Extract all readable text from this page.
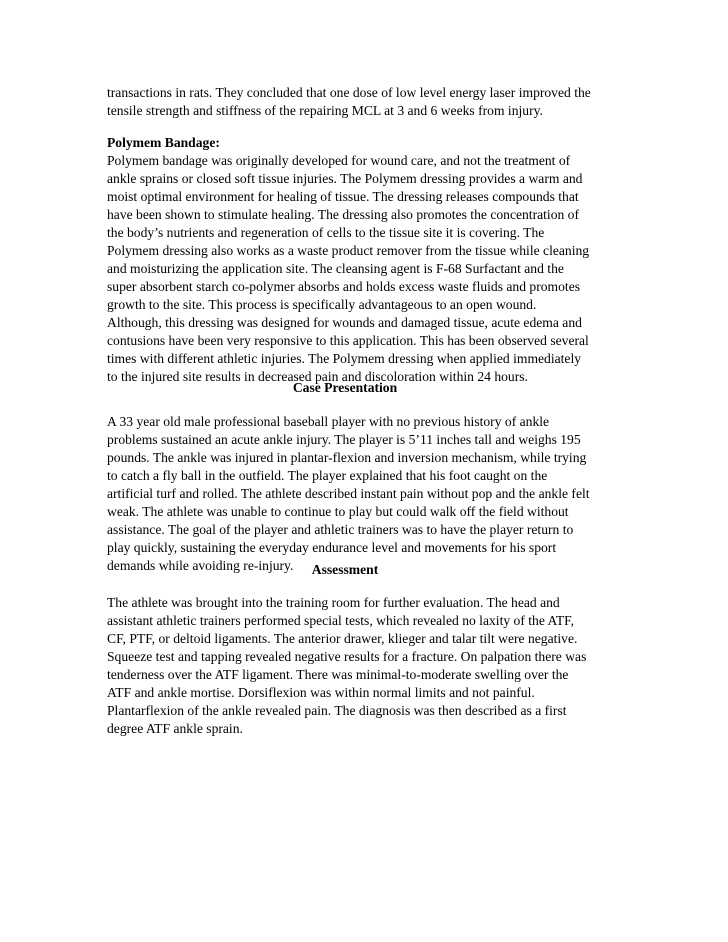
transactions in rats. They concluded that one dose of low level energy laser improved the
tensile strength and stiffness of the repairing MCL at 3 and 6 weeks from injury.
Polymem Bandage:
Polymem bandage was originally developed for wound care, and not the treatment of
ankle sprains or closed soft tissue injuries. The Polymem dressing provides a warm and
moist optimal environment for healing of tissue. The dressing releases compounds that
have been shown to stimulate healing. The dressing also promotes the concentration of
the body’s nutrients and regeneration of cells to the tissue site it is covering. The
Polymem dressing also works as a waste product remover from the tissue while cleaning
and moisturizing the application site. The cleansing agent is F-68 Surfactant and the
super absorbent starch co-polymer absorbs and holds excess waste fluids and promotes
growth to the site. This process is specifically advantageous to an open wound.
Although, this dressing was designed for wounds and damaged tissue, acute edema and
contusions have been very responsive to this application. This has been observed several
times with different athletic injuries. The Polymem dressing when applied immediately
to the injured site results in decreased pain and discoloration within 24 hours.
Case Presentation
A 33 year old male professional baseball player with no previous history of ankle
problems sustained an acute ankle injury. The player is 5’11 inches tall and weighs 195
pounds. The ankle was injured in plantar-flexion and inversion mechanism, while trying
to catch a fly ball in the outfield. The player explained that his foot caught on the
artificial turf and rolled. The athlete described instant pain without pop and the ankle felt
weak. The athlete was unable to continue to play but could walk off the field without
assistance. The goal of the player and athletic trainers was to have the player return to
play quickly, sustaining the everyday endurance level and movements for his sport
demands while avoiding re-injury.	Assessment
The athlete was brought into the training room for further evaluation. The head and
assistant athletic trainers performed special tests, which revealed no laxity of the ATF,
CF, PTF, or deltoid ligaments. The anterior drawer, klieger and talar tilt were negative.
Squeeze test and tapping revealed negative results for a fracture. On palpation there was
tenderness over the ATF ligament. There was minimal-to-moderate swelling over the
ATF and ankle mortise. Dorsiflexion was within normal limits and not painful.
Plantarflexion of the ankle revealed pain. The diagnosis was then described as a first
degree ATF ankle sprain.
